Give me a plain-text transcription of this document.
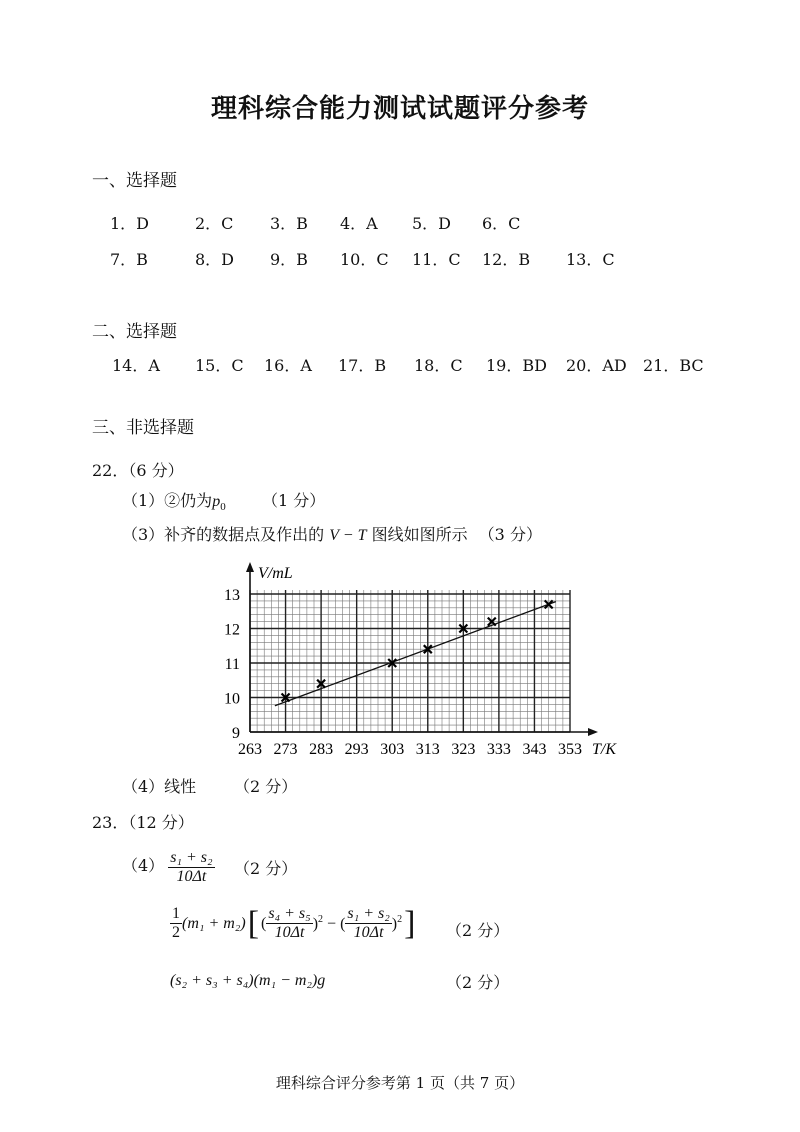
理科综合能力测试试题评分参考
一、选择题
1．D	2．C 3．B 4．A 5．D 6．C
7．B	8．D 9．B 10．C 11．C 12．B 13．C
二、选择题
14．A 15．C 16．A 17．B 18．C 19．BD 20．AD 21．BC
三、非选择题
22．（6 分）
（1）②仍为$p_0$ （1 分）
（3）补齐的数据点及作出的 V − T 图线如图所示 （3 分）
263 273 283 293 303 313 323 333 343 353
9
10
11
12
13
V/mL
T/K
（4）线性 （2 分）
23．（12 分）
$(4) \frac{\text{s₁ + s₂}}{10\Delta t} (2$ 分）
$\frac{1}{2} (m_1 + m_2)$ [ ( $\frac{\text{s₄ + s₅}}{10\Delta t} )^2$ − ( $\frac{\text{s₁ + s₂}}{10\Delta t} )^2$ ] （2 分）
(s₂ + s₃ + s₄)(m₁ − m₂)g	（2 分）
理科综合评分参考第 1 页（共 7 页）
